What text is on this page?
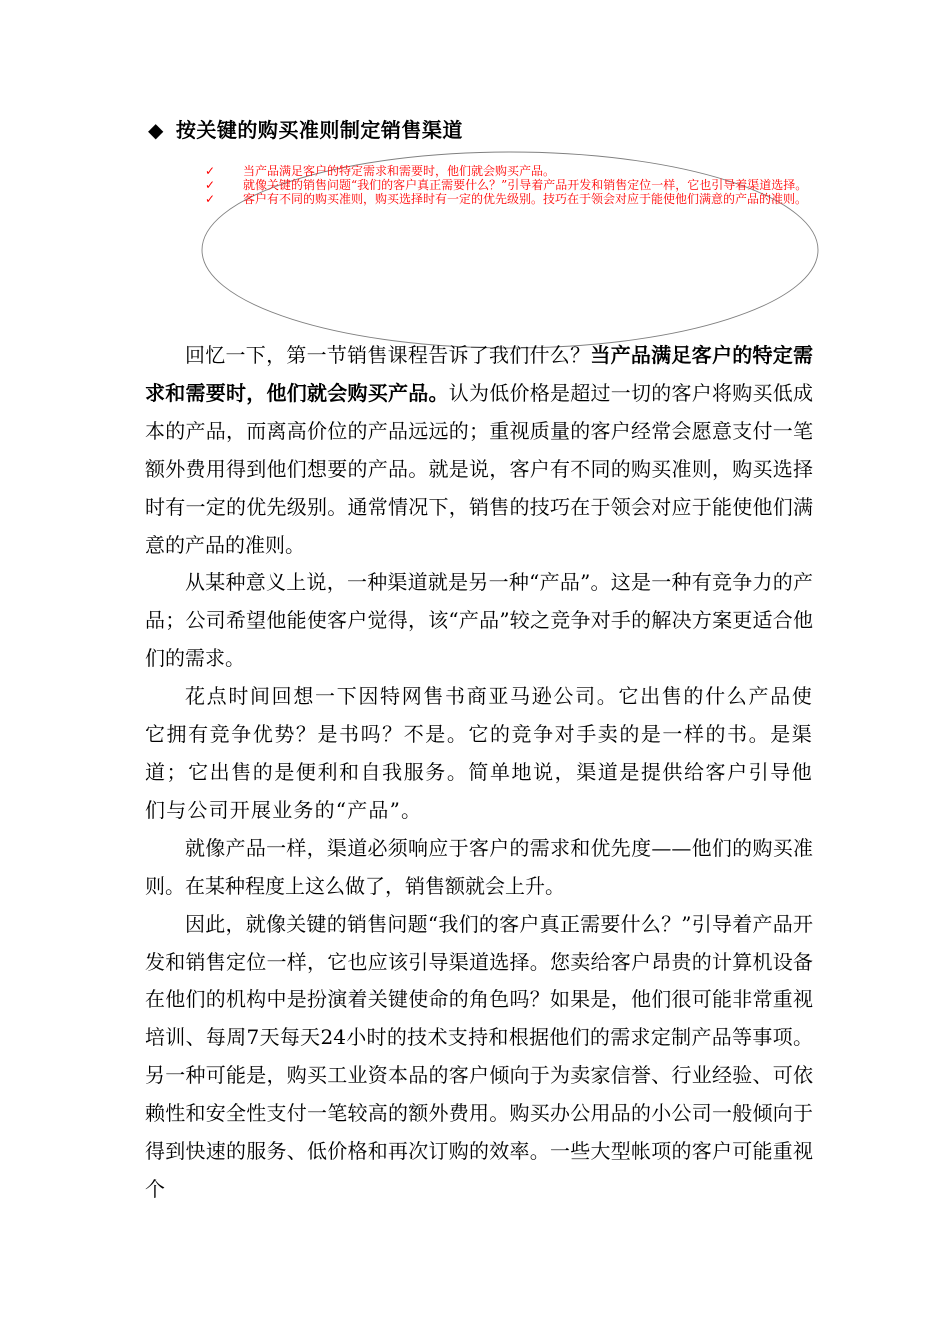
◆ 按关键的购买准则制定销售渠道
✓	当产品满足客户的特定需求和需要时，他们就会购买产品。
✓	就像关键的销售问题“我们的客户真正需要什么？”引导着产品开发和销售定位一样，它也引导着渠道选择。
✓	客户有不同的购买准则，购买选择时有一定的优先级别。技巧在于领会对应于能使他们满意的产品的准则。

回忆一下，第一节销售课程告诉了我们什么？当产品满足客户的特定需求和需要时，他们就会购买产品。认为低价格是超过一切的客户将购买低成本的产品，而离高价位的产品远远的；重视质量的客户经常会愿意支付一笔额外费用得到他们想要的产品。就是说，客户有不同的购买准则，购买选择时有一定的优先级别。通常情况下，销售的技巧在于领会对应于能使他们满意的产品的准则。

从某种意义上说，一种渠道就是另一种“产品”。这是一种有竞争力的产品；公司希望他能使客户觉得，该“产品”较之竞争对手的解决方案更适合他们的需求。

花点时间回想一下因特网售书商亚马逊公司。它出售的什么产品使它拥有竞争优势？是书吗？不是。它的竞争对手卖的是一样的书。是渠道；它出售的是便利和自我服务。简单地说，渠道是提供给客户引导他们与公司开展业务的“产品”。

就像产品一样，渠道必须响应于客户的需求和优先度——他们的购买准则。在某种程度上这么做了，销售额就会上升。

因此，就像关键的销售问题“我们的客户真正需要什么？”引导着产品开发和销售定位一样，它也应该引导渠道选择。您卖给客户昂贵的计算机设备在他们的机构中是扮演着关键使命的角色吗？如果是，他们很可能非常重视培训、每周7天每天24小时的技术支持和根据他们的需求定制产品等事项。另一种可能是，购买工业资本品的客户倾向于为卖家信誉、行业经验、可依赖性和安全性支付一笔较高的额外费用。购买办公用品的小公司一般倾向于得到快速的服务、低价格和再次订购的效率。一些大型帐项的客户可能重视个
